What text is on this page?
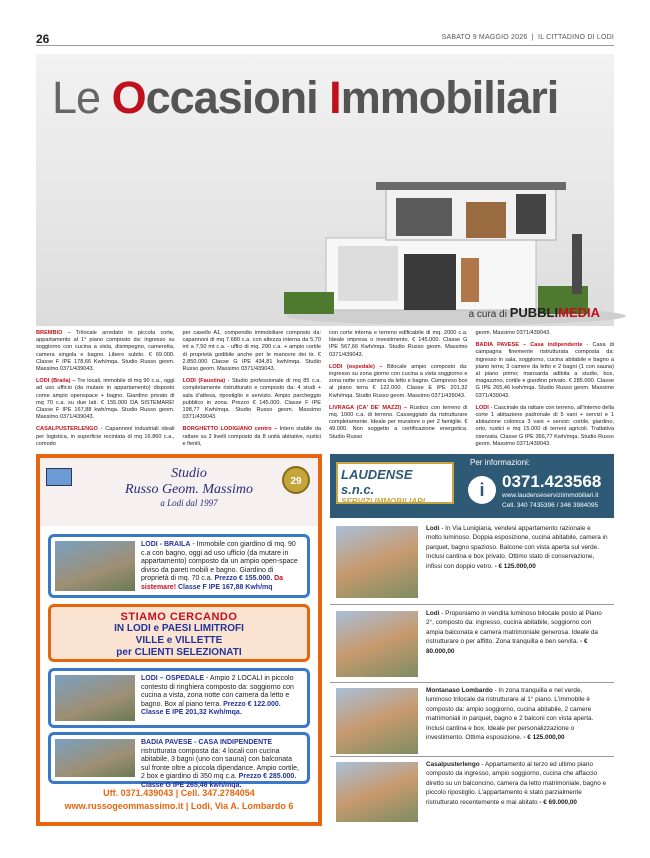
26	SABATO 9 MAGGIO 2026  |  IL CITTADINO DI LODI
Le Occasioni Immobiliari
a cura di PUBBLIMEDIA

BREMBIO – Trilocale arredato in piccola corte, appartamento al 1° piano composto da: ingresso su soggiorno con cucina a vista, disimpegno, cameretta, camera singola e bagno. Libero subito. € 69.000. Classe F IPE 178,66 Kwh/mqa. Studio Russo geom. Massimo 0371/439043.

LODI (Braila) – Tre locali, immobile di mq 90 c.a., oggi ad uso ufficio (da mutare in appartamento) disposto come ampio openspace + bagno. Giardino privato di mq 70 c.a. su due lati. € 155.000 DA SISTEMARE! Classe F IPE 167,88 kwh/mqa. Studio Russo geom. Massimo 0371/439043.

CASALPUSTERLENGO - Capannoni industriali ideali per logistica, in superficie recintata di mq 16.860 c.a., comodo

per casello A1, compendio immobiliare composto da: capannoni di mq 7.680 c.a. con altezza interna da 5,70 mt a 7,50 mt c.a. - uffici di mq. 290 c.a. + ampio cortile di proprietà godibile anche per le manovre dei tir. € 2.850.000 Classe G IPE 434,81 kwh/mqa. Studio Russo geom. Massimo 0371/439043.

LODI (Faustina) - Studio professionale di mq 85 c.a. completamente ristrutturato e composto da: 4 studi + sala d'attesa, ripostiglio e servizio. Ampio parcheggio pubblico in zona. Prezzo € 145.000. Classe F IPE 198,77 Kwh/mqa. Studio Russo geom. Massimo 0371/439043.

BORGHETTO LODIGIANO centro – Intero stabile da rattare su 2 livelli composto da 8 unità abitative, rustici e fienili,

con corte interna e terreno edificabile di mq. 2000 c.a. Ideale impresa o investimento. € 145.000. Classe G IPE 567,66 Kwh/mqa. Studio Russo geom. Massimo 0371/439043.

LODI (ospedale) – Bilocale ampio composto da: ingresso su zona giorno con cucina a vista soggiorno e zona notte con camera da letto e bagno. Compreso box al piano terra € 122.000. Classe E IPE 201,32 Kwh/mqa. Studio Russo geom. Massimo 0371/439043.

LIVRAGA (CA' DE' MAZZI) – Rustico con terreno di mq. 1000 c.a. di terreno. Casseggiato da ristrutturare completamente. Ideale per muratore o per 2 famiglie. € 49.000. Non soggetto a certificazione energetica. Studio Russo

geom. Massimo 0371/439043.

BADIA PAVESE – Casa indipendente - Casa di campagna finemente ristrutturata composta da: ingresso in sala, soggiorno, cucina abitabile e bagno a piano terra; 3 camere da letto e 2 bagni (1 con sauna) al piano primo; mansarda adibita a studio, box, magazzino, cortile e giardino privato. € 285.000. Classe G IPE 265,46 kwh/mqa. Studio Russo geom. Massimo 0371/439043.

LODI - Cascinale da rattare con terreno, all'interno della corte 1 abitazione padronale di 5 vani + servizi e 1 abitazione colonica 3 vani + servizi: cortile, giardino, orto, rustici e mq 15.000 di terreni agricoli. Trattativa riservata. Classe G IPE 366,77 Kwh/mqa. Studio Russo geom. Massimo 0371/439043.

Studio
Russo Geom. Massimo
a Lodi dal 1997
29
LODI - BRAILA - Immobile con giardino di mq. 90 c.a con bagno, oggi ad uso ufficio (da mutare in appartamento) composto da un ampio open-space diviso da pareti mobili e bagno. Giardino di proprietà di mq. 70 c.a. Prezzo € 155.000. Da sistemare! Classe F IPE 167,88 Kwh/mq
STIAMO CERCANDO
IN LODI e PAESI LIMITROFI
VILLE e VILLETTE
per CLIENTI SELEZIONATI
LODI – OSPEDALE - Ampio 2 LOCALI in piccolo contesto di ringhiera composto da: soggiorno con cucina a vista, zona notte con camera da letto e bagno. Box al piano terra. Prezzo € 122.000. Classe E IPE 201,32 Kwh/mqa.
BADIA PAVESE - CASA INDIPENDENTE ristrutturata composta da: 4 locali con cucina abitabile, 3 bagni (uno con sauna) con balconata sul fronte oltre a piccola dipendance. Ampio cortile, 2 box e giardino di 350 mq c.a. Prezzo € 285.000. Classe G IPE 265,46 kwh/mqa.
Uff. 0371.439043 | Cell. 347.2784054
www.russogeommassimo.it | Lodi, Via A. Lombardo 6
LAUDENSE s.n.c.
SERVIZI IMMOBILIARI
Per informazioni:
i	0371.423568
www.laudenseserviziimmobiliari.it
Cell. 340 7435396 / 346 3984095
Lodi - In Via Lunigiana, vendesi appartamento razionale e molto luminoso. Doppia esposizione, cucina abitabile, camera in parquet, bagno spazioso. Balcone con vista aperta sul verde. Inclusi cantina e box privato. Ottimo stato di conservazione, infissi con doppio vetro. - € 125.000,00
Lodi - Proponiamo in vendita luminoso bilocale posto al Piano 2°, composto da: ingresso, cucina abitabile, soggiorno con ampia balconata e camera matrimoniale generosa. Ideale da ristrutturare o per affitto. Zona tranquilla e ben servita. - € 80.000,00
Montanaso Lombardo - In zona tranquilla e nel verde, luminoso trilocale da ristrutturare al 1° piano. L'immobile è composto da: ampio soggiorno, cucina abitabile, 2 camere matrimoniali in parquet, bagno e 2 balconi con vista aperta. Inclusi cantina e box. Ideale per personalizzazione o investimento. Ottima esposizione. - € 125.000,00
Casalpusterlengo - Appartamento al terzo ed ultimo piano composto da ingresso, ampio soggiorno, cucina che affaccio diretto su un balconcino, camera da letto matrimoniale, bagno e piccolo ripostiglio. L'appartamento è stato parzialmente ristrutturato recentemente e mai abitato - € 69.000,00
